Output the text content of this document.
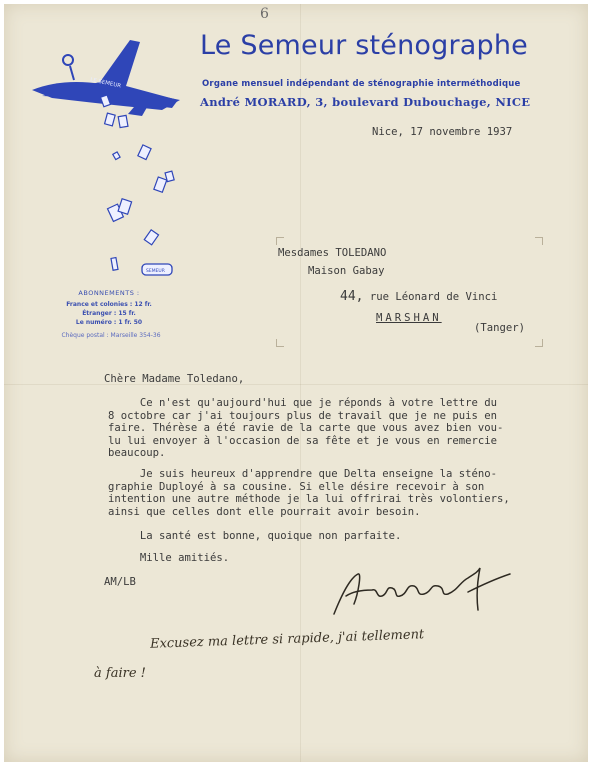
6
LE SEMEUR
SEMEUR
Le Semeur sténographe
Organe mensuel indépendant de sténographie interméthodique
André MORARD, 3, boulevard Dubouchage, NICE
ABONNEMENTS :
France et colonies : 12 fr.
Étranger : 15 fr.
Le numéro : 1 fr. 50
Chèque postal : Marseille 354-36
Nice, 17 novembre 1937
Mesdames TOLEDANO
Maison Gabay
44, rue Léonard de Vinci
MARSHAN
(Tanger)
Chère Madame Toledano,
Ce n'est qu'aujourd'hui que je réponds à votre lettre du
8 octobre car j'ai toujours plus de travail que je ne puis en
faire. Thérèse a été ravie de la carte que vous avez bien vou-
lu lui envoyer à l'occasion de sa fête et je vous en remercie
beaucoup.
Je suis heureux d'apprendre que Delta enseigne la sténo-
graphie Duployé à sa cousine. Si elle désire recevoir à son
intention une autre méthode je la lui offrirai très volontiers,
ainsi que celles dont elle pourrait avoir besoin.
La santé est bonne, quoique non parfaite.
Mille amitiés.
AM/LB
Excusez ma lettre si rapide, j'ai tellement
à faire !
